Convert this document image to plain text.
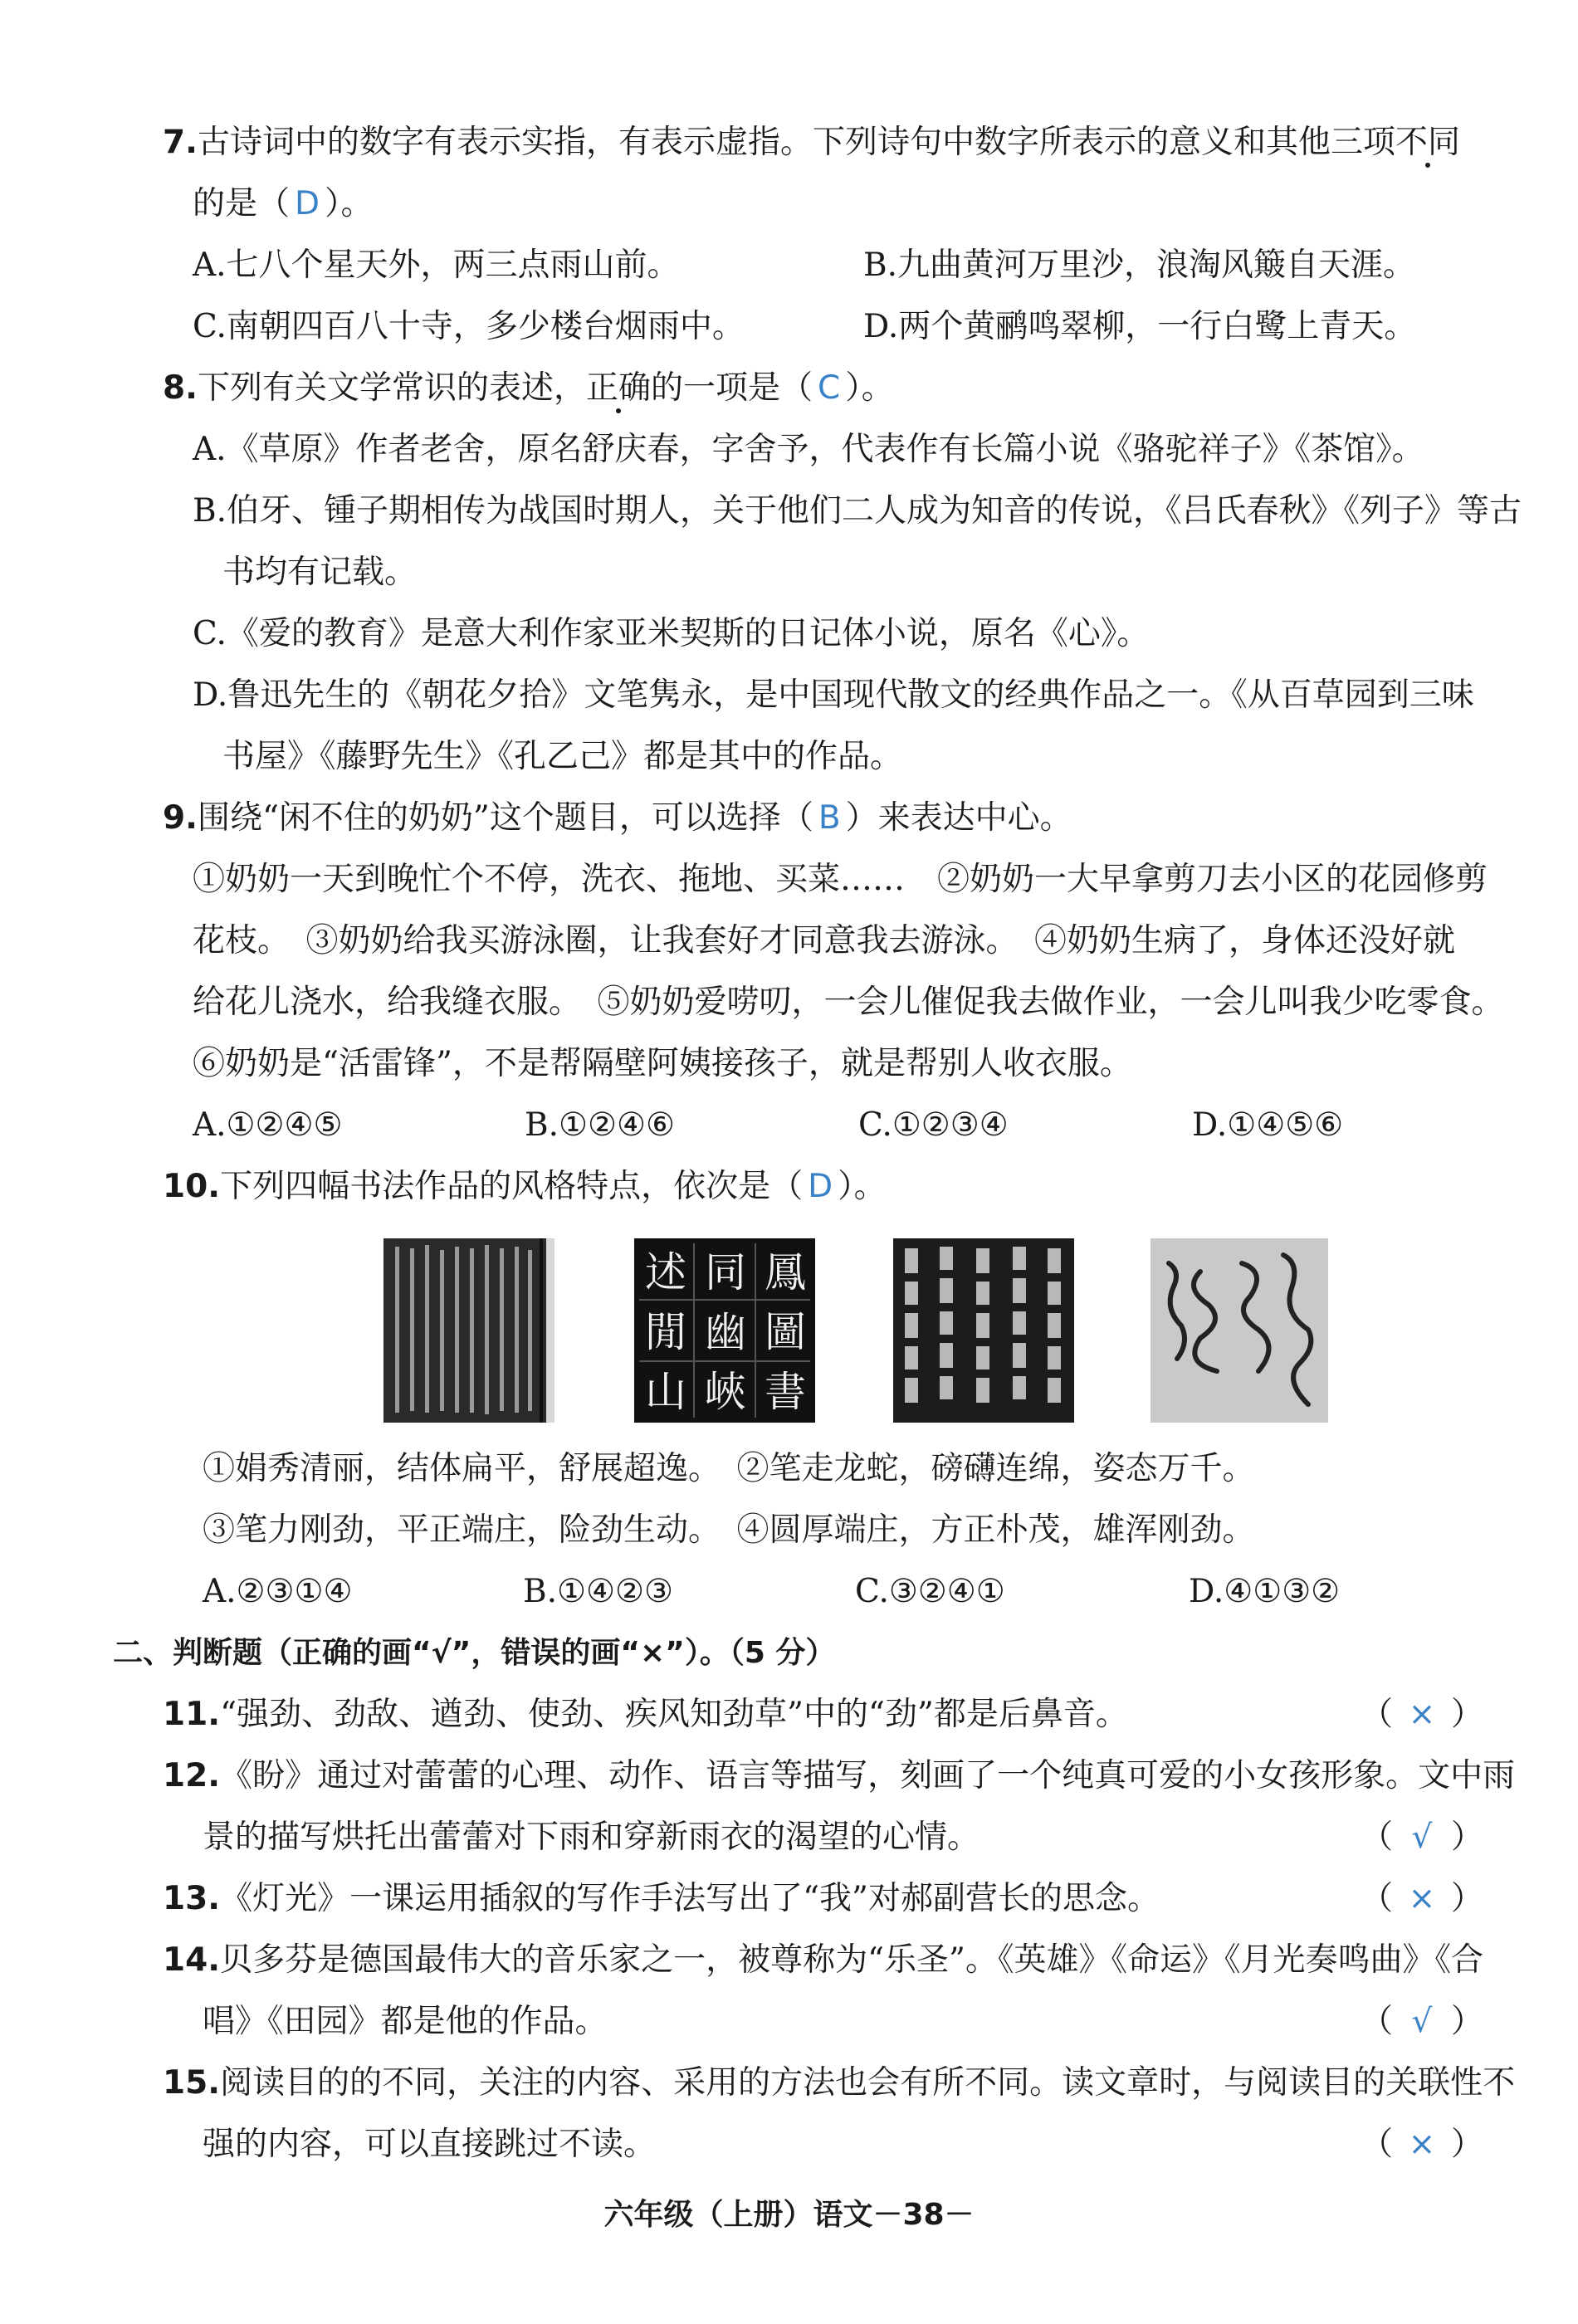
7.古诗词中的数字有表示实指，有表示虚指。下列诗句中数字所表示的意义和其他三项不同
的是（ D ）。
A.七八个星天外，两三点雨山前。	B.九曲黄河万里沙，浪淘风簸自天涯。
C.南朝四百八十寺，多少楼台烟雨中。	D.两个黄鹂鸣翠柳，一行白鹭上青天。
8.下列有关文学常识的表述，正确的一项是（ C ）。
A.《草原》作者老舍，原名舒庆春，字舍予，代表作有长篇小说《骆驼祥子》《茶馆》。
B.伯牙、锺子期相传为战国时期人，关于他们二人成为知音的传说，《吕氏春秋》《列子》等古
书均有记载。
C.《爱的教育》是意大利作家亚米契斯的日记体小说，原名《心》。
D.鲁迅先生的《朝花夕拾》文笔隽永，是中国现代散文的经典作品之一。《从百草园到三味
书屋》《藤野先生》《孔乙己》都是其中的作品。
9.围绕“闲不住的奶奶”这个题目，可以选择（ B ）来表达中心。
①奶奶一天到晚忙个不停，洗衣、拖地、买菜……　②奶奶一大早拿剪刀去小区的花园修剪
花枝。　③奶奶给我买游泳圈，让我套好才同意我去游泳。　④奶奶生病了，身体还没好就
给花儿浇水，给我缝衣服。　⑤奶奶爱唠叨，一会儿催促我去做作业，一会儿叫我少吃零食。
⑥奶奶是“活雷锋”，不是帮隔壁阿姨接孩子，就是帮别人收衣服。
A.①②④⑤	B.①②④⑥	C.①②③④	D.①④⑤⑥
10.下列四幅书法作品的风格特点，依次是（ D ）。
述 同 鳳
閒 幽 圖
山 峽 書
①娟秀清丽，结体扁平，舒展超逸。　②笔走龙蛇，磅礴连绵，姿态万千。
③笔力刚劲，平正端庄，险劲生动。　④圆厚端庄，方正朴茂，雄浑刚劲。
A.②③①④	B.①④②③	C.③②④①	D.④①③②
二、判断题（正确的画“√”，错误的画“×”）。（5 分）
11.“强劲、劲敌、遒劲、使劲、疾风知劲草”中的“劲”都是后鼻音。	（ × ）
12.《盼》通过对蕾蕾的心理、动作、语言等描写，刻画了一个纯真可爱的小女孩形象。文中雨
景的描写烘托出蕾蕾对下雨和穿新雨衣的渴望的心情。	（ √ ）
13.《灯光》一课运用插叙的写作手法写出了“我”对郝副营长的思念。	（ × ）
14.贝多芬是德国最伟大的音乐家之一，被尊称为“乐圣”。《英雄》《命运》《月光奏鸣曲》《合
唱》《田园》都是他的作品。	（ √ ）
15.阅读目的的不同，关注的内容、采用的方法也会有所不同。读文章时，与阅读目的关联性不
强的内容，可以直接跳过不读。	（ × ）
六年级（上册）语文－38－
